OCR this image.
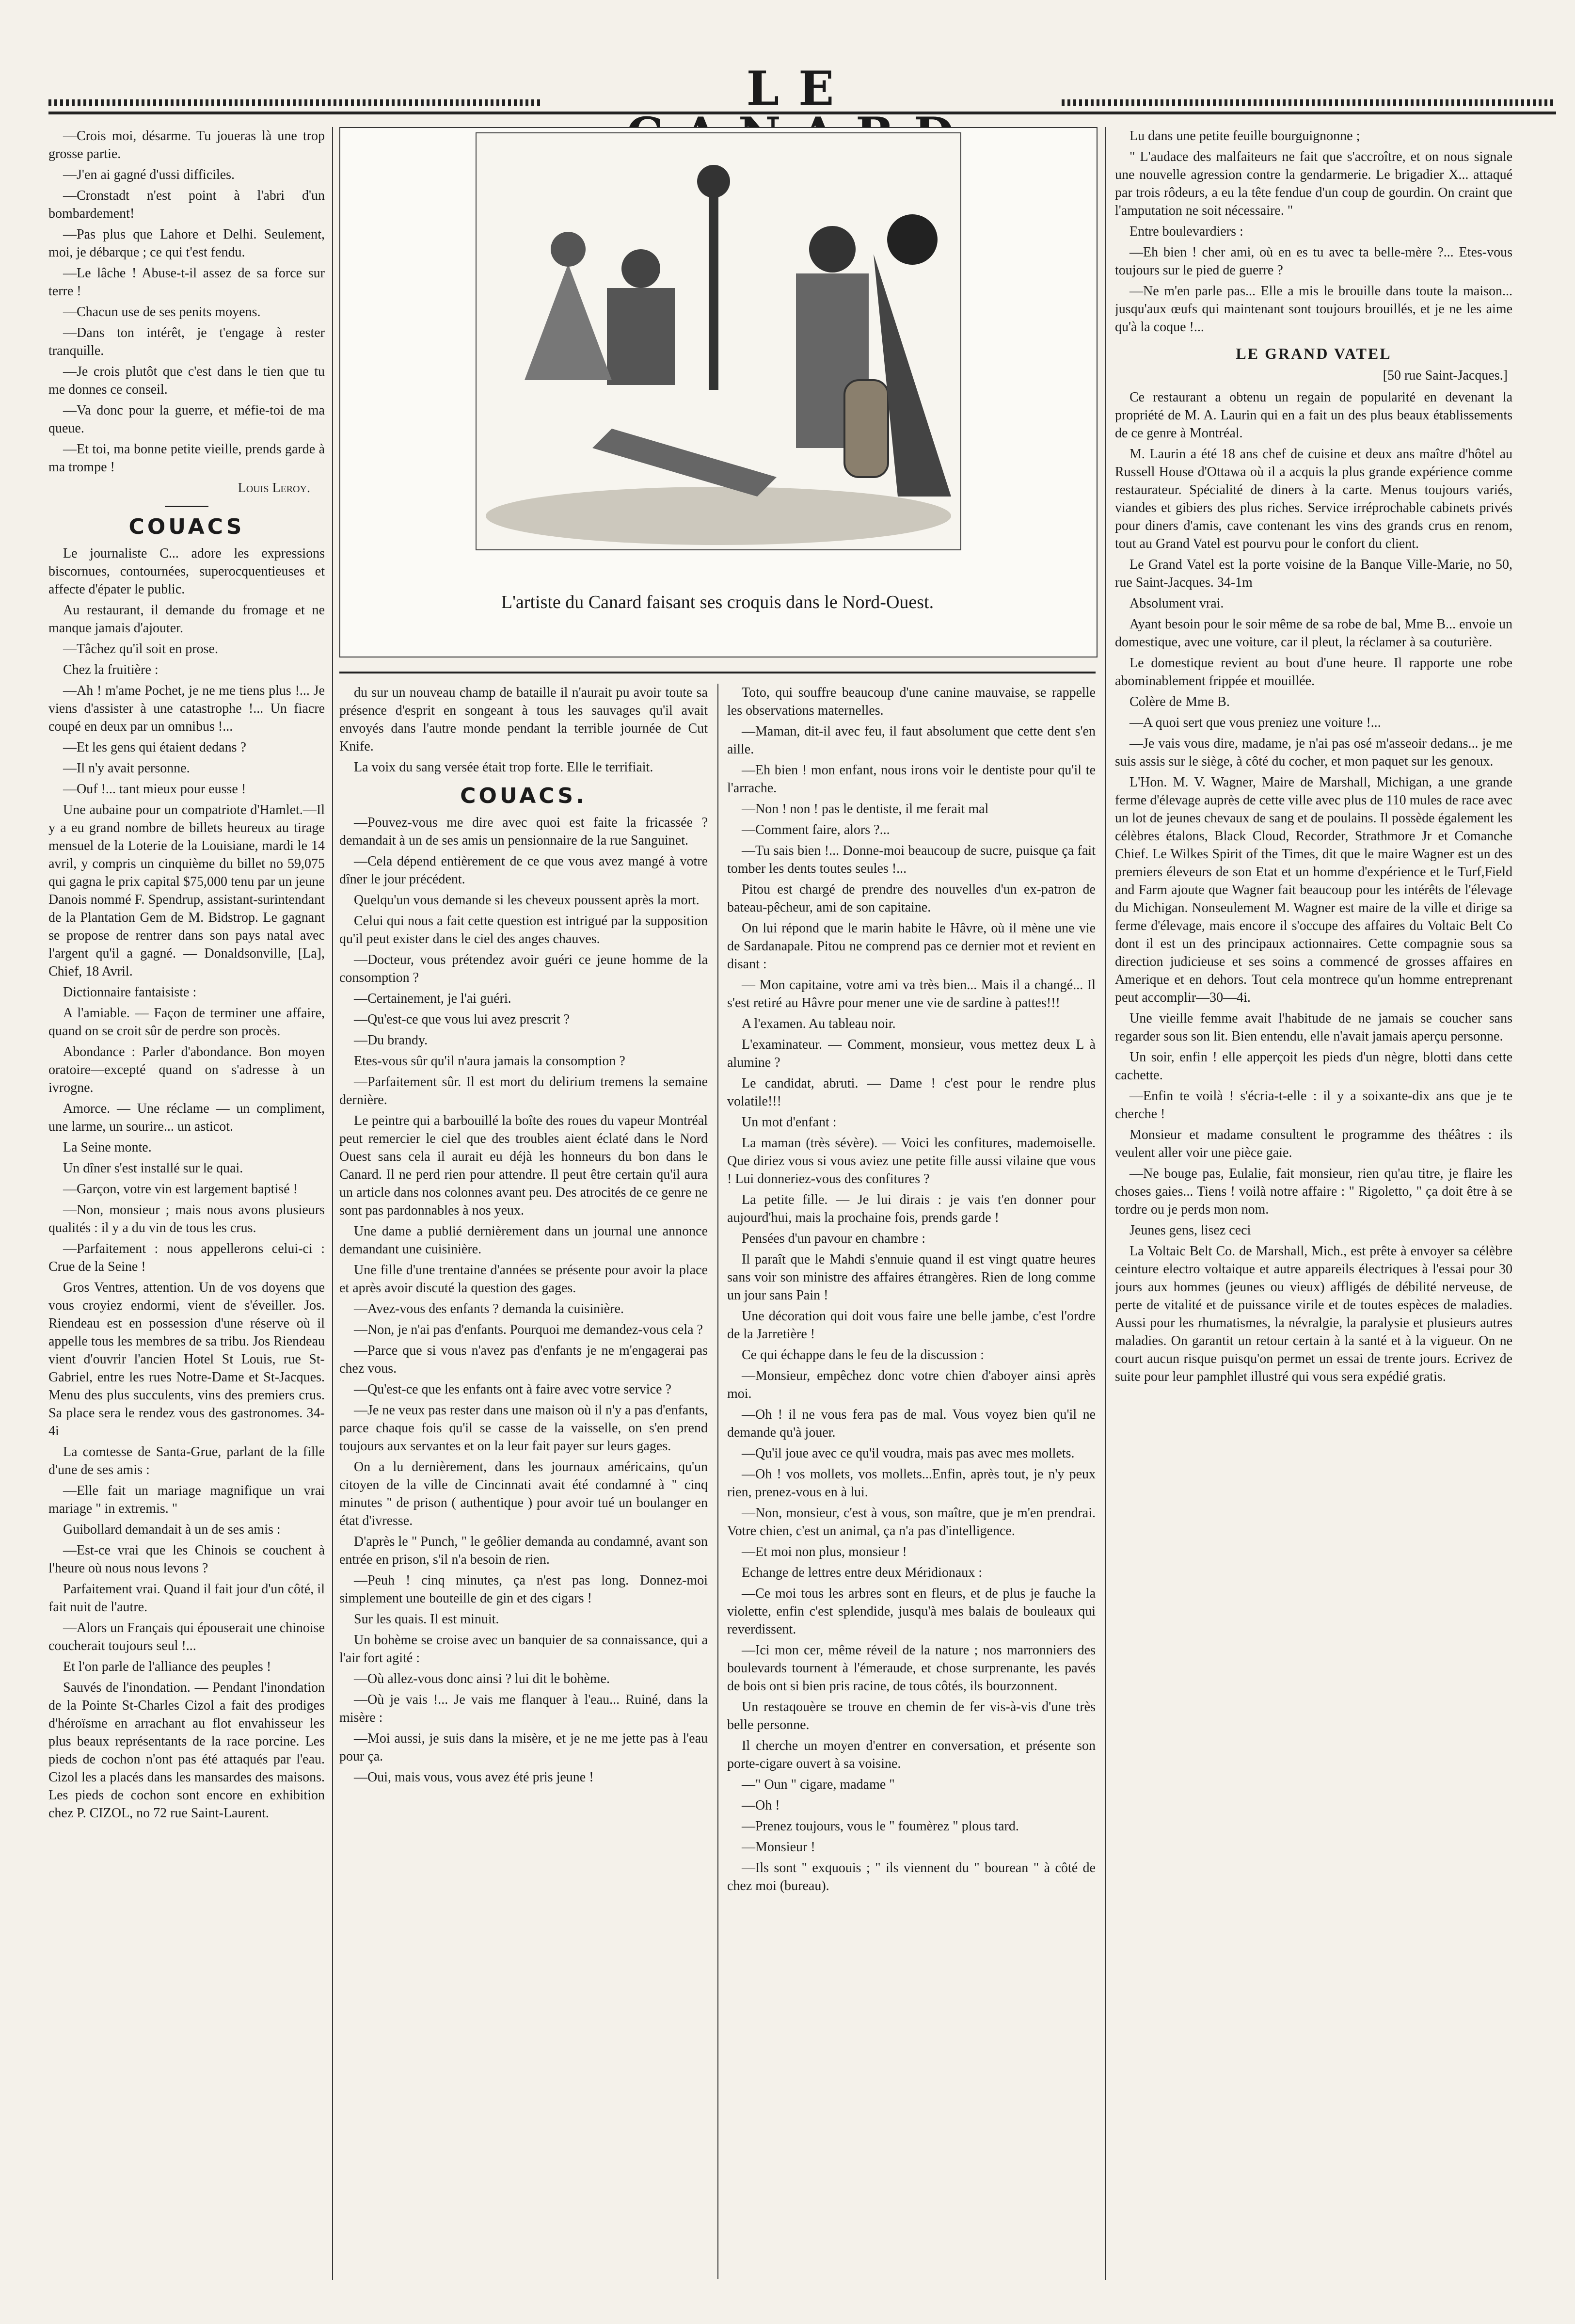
LE

—Crois moi, désarme. Tu joueras là une trop grosse partie.

—J'en ai gagné d'ussi difficiles.

—Cronstadt n'est point à l'abri d'un bombardement!

—Pas plus que Lahore et Delhi. Seulement, moi, je débarque ; ce qui t'est fendu.

—Le lâche ! Abuse-t-il assez de sa force sur terre !

—Chacun use de ses penits moyens.

—Dans ton intérêt, je t'engage à rester tranquille.

—Je crois plutôt que c'est dans le tien que tu me donnes ce conseil.

—Va donc pour la guerre, et méfie-toi de ma queue.

—Et toi, ma bonne petite vieille, prends garde à ma trompe !

Louis Leroy.
COUACS

Le journaliste C... adore les expressions biscornues, contournées, superocquentieuses et affecte d'épater le public.

Au restaurant, il demande du fromage et ne manque jamais d'ajouter.

—Tâchez qu'il soit en prose.

Chez la fruitière :

—Ah ! m'ame Pochet, je ne me tiens plus !... Je viens d'assister à une catastrophe !... Un fiacre coupé en deux par un omnibus !...

—Et les gens qui étaient dedans ?

—Il n'y avait personne.

—Ouf !... tant mieux pour eusse !

Une aubaine pour un compatriote d'Hamlet.—Il y a eu grand nombre de billets heureux au tirage mensuel de la Loterie de la Louisiane, mardi le 14 avril, y compris un cinquième du billet no 59,075 qui gagna le prix capital $75,000 tenu par un jeune Danois nommé F. Spendrup, assistant-surintendant de la Plantation Gem de M. Bidstrop. Le gagnant se propose de rentrer dans son pays natal avec l'argent qu'il a gagné. — Donaldsonville, [La], Chief, 18 Avril.

Dictionnaire fantaisiste :

A l'amiable. — Façon de terminer une affaire, quand on se croit sûr de perdre son procès.

Abondance : Parler d'abondance. Bon moyen oratoire—excepté quand on s'adresse à un ivrogne.

Amorce. — Une réclame — un compliment, une larme, un sourire... un asticot.

La Seine monte.

Un dîner s'est installé sur le quai.

—Garçon, votre vin est largement baptisé !

—Non, monsieur ; mais nous avons plusieurs qualités : il y a du vin de tous les crus.

—Parfaitement : nous appellerons celui-ci : Crue de la Seine !

Gros Ventres, attention. Un de vos doyens que vous croyiez endormi, vient de s'éveiller. Jos. Riendeau est en possession d'une réserve où il appelle tous les membres de sa tribu. Jos Riendeau vient d'ouvrir l'ancien Hotel St Louis, rue St-Gabriel, entre les rues Notre-Dame et St-Jacques. Menu des plus succulents, vins des premiers crus. Sa place sera le rendez vous des gastronomes. 34-4i

La comtesse de Santa-Grue, parlant de la fille d'une de ses amis :

—Elle fait un mariage magnifique un vrai mariage " in extremis. "

Guibollard demandait à un de ses amis :

—Est-ce vrai que les Chinois se couchent à l'heure où nous nous levons ?

Parfaitement vrai. Quand il fait jour d'un côté, il fait nuit de l'autre.

—Alors un Français qui épouserait une chinoise coucherait toujours seul !...

Et l'on parle de l'alliance des peuples !

Sauvés de l'inondation. — Pendant l'inondation de la Pointe St-Charles Cizol a fait des prodiges d'héroïsme en arrachant au flot envahisseur les plus beaux représentants de la race porcine. Les pieds de cochon n'ont pas été attaqués par l'eau. Cizol les a placés dans les mansardes des maisons. Les pieds de cochon sont encore en exhibition chez P. CIZOL, no 72 rue Saint-Laurent.

L'artiste du Canard faisant ses croquis dans le Nord-Ouest.

du sur un nouveau champ de bataille il n'aurait pu avoir toute sa présence d'esprit en songeant à tous les sauvages qu'il avait envoyés dans l'autre monde pendant la terrible journée de Cut Knife.

La voix du sang versée était trop forte. Elle le terrifiait.

COUACS.

—Pouvez-vous me dire avec quoi est faite la fricassée ? demandait à un de ses amis un pensionnaire de la rue Sanguinet.

—Cela dépend entièrement de ce que vous avez mangé à votre dîner le jour précédent.

Quelqu'un vous demande si les cheveux poussent après la mort.

Celui qui nous a fait cette question est intrigué par la supposition qu'il peut exister dans le ciel des anges chauves.

—Docteur, vous prétendez avoir guéri ce jeune homme de la consomption ?

—Certainement, je l'ai guéri.

—Qu'est-ce que vous lui avez prescrit ?

—Du brandy.

Etes-vous sûr qu'il n'aura jamais la consomption ?

—Parfaitement sûr. Il est mort du delirium tremens la semaine dernière.

Le peintre qui a barbouillé la boîte des roues du vapeur Montréal peut remercier le ciel que des troubles aient éclaté dans le Nord Ouest sans cela il aurait eu déjà les honneurs du bon dans le Canard. Il ne perd rien pour attendre. Il peut être certain qu'il aura un article dans nos colonnes avant peu. Des atrocités de ce genre ne sont pas pardonnables à nos yeux.

Une dame a publié dernièrement dans un journal une annonce demandant une cuisinière.

Une fille d'une trentaine d'années se présente pour avoir la place et après avoir discuté la question des gages.

—Avez-vous des enfants ? demanda la cuisinière.

—Non, je n'ai pas d'enfants. Pourquoi me demandez-vous cela ?

—Parce que si vous n'avez pas d'enfants je ne m'engagerai pas chez vous.

—Qu'est-ce que les enfants ont à faire avec votre service ?

—Je ne veux pas rester dans une maison où il n'y a pas d'enfants, parce chaque fois qu'il se casse de la vaisselle, on s'en prend toujours aux servantes et on la leur fait payer sur leurs gages.

On a lu dernièrement, dans les journaux américains, qu'un citoyen de la ville de Cincinnati avait été condamné à " cinq minutes " de prison ( authentique ) pour avoir tué un boulanger en état d'ivresse.

D'après le " Punch, " le geôlier demanda au condamné, avant son entrée en prison, s'il n'a besoin de rien.

—Peuh ! cinq minutes, ça n'est pas long. Donnez-moi simplement une bouteille de gin et des cigars !

Sur les quais. Il est minuit.

Un bohème se croise avec un banquier de sa connaissance, qui a l'air fort agité :

—Où allez-vous donc ainsi ? lui dit le bohème.

—Où je vais !... Je vais me flanquer à l'eau... Ruiné, dans la misère :

—Moi aussi, je suis dans la misère, et je ne me jette pas à l'eau pour ça.

—Oui, mais vous, vous avez été pris jeune !

Toto, qui souffre beaucoup d'une canine mauvaise, se rappelle les observations maternelles.

—Maman, dit-il avec feu, il faut absolument que cette dent s'en aille.

—Eh bien ! mon enfant, nous irons voir le dentiste pour qu'il te l'arrache.

—Non ! non ! pas le dentiste, il me ferait mal

—Comment faire, alors ?...

—Tu sais bien !... Donne-moi beaucoup de sucre, puisque ça fait tomber les dents toutes seules !...

Pitou est chargé de prendre des nouvelles d'un ex-patron de bateau-pêcheur, ami de son capitaine.

On lui répond que le marin habite le Hâvre, où il mène une vie de Sardanapale. Pitou ne comprend pas ce dernier mot et revient en disant :

— Mon capitaine, votre ami va très bien... Mais il a changé... Il s'est retiré au Hâvre pour mener une vie de sardine à pattes!!!

A l'examen. Au tableau noir.

L'examinateur. — Comment, monsieur, vous mettez deux L à alumine ?

Le candidat, abruti. — Dame ! c'est pour le rendre plus volatile!!!

Un mot d'enfant :

La maman (très sévère). — Voici les confitures, mademoiselle. Que diriez vous si vous aviez une petite fille aussi vilaine que vous ! Lui donneriez-vous des confitures ?

La petite fille. — Je lui dirais : je vais t'en donner pour aujourd'hui, mais la prochaine fois, prends garde !

Pensées d'un pavour en chambre :

Il paraît que le Mahdi s'ennuie quand il est vingt quatre heures sans voir son ministre des affaires étrangères. Rien de long comme un jour sans Pain !

Une décoration qui doit vous faire une belle jambe, c'est l'ordre de la Jarretière !

Ce qui échappe dans le feu de la discussion :

—Monsieur, empêchez donc votre chien d'aboyer ainsi après moi.

—Oh ! il ne vous fera pas de mal. Vous voyez bien qu'il ne demande qu'à jouer.

—Qu'il joue avec ce qu'il voudra, mais pas avec mes mollets.

—Oh ! vos mollets, vos mollets...Enfin, après tout, je n'y peux rien, prenez-vous en à lui.

—Non, monsieur, c'est à vous, son maître, que je m'en prendrai. Votre chien, c'est un animal, ça n'a pas d'intelligence.

—Et moi non plus, monsieur !

Echange de lettres entre deux Méridionaux :

—Ce moi tous les arbres sont en fleurs, et de plus je fauche la violette, enfin c'est splendide, jusqu'à mes balais de bouleaux qui reverdissent.

—Ici mon cer, même réveil de la nature ; nos marronniers des boulevards tournent à l'émeraude, et chose surprenante, les pavés de bois ont si bien pris racine, de tous côtés, ils bourzonnent.

Un restaqouère se trouve en chemin de fer vis-à-vis d'une très belle personne.

Il cherche un moyen d'entrer en conversation, et présente son porte-cigare ouvert à sa voisine.

—" Oun " cigare, madame "

—Oh !

—Prenez toujours, vous le " foumèrez " plous tard.

—Monsieur !

—Ils sont " exquouis ; " ils viennent du " bourean " à côté de chez moi (bureau).

Lu dans une petite feuille bourguignonne ;

" L'audace des malfaiteurs ne fait que s'accroître, et on nous signale une nouvelle agression contre la gendarmerie. Le brigadier X... attaqué par trois rôdeurs, a eu la tête fendue d'un coup de gourdin. On craint que l'amputation ne soit nécessaire. "

Entre boulevardiers :

—Eh bien ! cher ami, où en es tu avec ta belle-mère ?... Etes-vous toujours sur le pied de guerre ?

—Ne m'en parle pas... Elle a mis le brouille dans toute la maison... jusqu'aux œufs qui maintenant sont toujours brouillés, et je ne les aime qu'à la coque !...

LE GRAND VATEL
[50 rue Saint-Jacques.]

Ce restaurant a obtenu un regain de popularité en devenant la propriété de M. A. Laurin qui en a fait un des plus beaux établissements de ce genre à Montréal.

M. Laurin a été 18 ans chef de cuisine et deux ans maître d'hôtel au Russell House d'Ottawa où il a acquis la plus grande expérience comme restaurateur. Spécialité de diners à la carte. Menus toujours variés, viandes et gibiers des plus riches. Service irréprochable cabinets privés pour diners d'amis, cave contenant les vins des grands crus en renom, tout au Grand Vatel est pourvu pour le confort du client.

Le Grand Vatel est la porte voisine de la Banque Ville-Marie, no 50, rue Saint-Jacques. 34-1m

Absolument vrai.

Ayant besoin pour le soir même de sa robe de bal, Mme B... envoie un domestique, avec une voiture, car il pleut, la réclamer à sa couturière.

Le domestique revient au bout d'une heure. Il rapporte une robe abominablement frippée et mouillée.

Colère de Mme B.

—A quoi sert que vous preniez une voiture !...

—Je vais vous dire, madame, je n'ai pas osé m'asseoir dedans... je me suis assis sur le siège, à côté du cocher, et mon paquet sur les genoux.

L'Hon. M. V. Wagner, Maire de Marshall, Michigan, a une grande ferme d'élevage auprès de cette ville avec plus de 110 mules de race avec un lot de jeunes chevaux de sang et de poulains. Il possède également les célèbres étalons, Black Cloud, Recorder, Strathmore Jr et Comanche Chief. Le Wilkes Spirit of the Times, dit que le maire Wagner est un des premiers éleveurs de son Etat et un homme d'expérience et le Turf,Field and Farm ajoute que Wagner fait beaucoup pour les intérêts de l'élevage du Michigan. Nonseulement M. Wagner est maire de la ville et dirige sa ferme d'élevage, mais encore il s'occupe des affaires du Voltaic Belt Co dont il est un des principaux actionnaires. Cette compagnie sous sa direction judicieuse et ses soins a commencé de grosses affaires en Amerique et en dehors. Tout cela montrece qu'un homme entreprenant peut accomplir—30—4i.

Une vieille femme avait l'habitude de ne jamais se coucher sans regarder sous son lit. Bien entendu, elle n'avait jamais aperçu personne.

Un soir, enfin ! elle apperçoit les pieds d'un nègre, blotti dans cette cachette.

—Enfin te voilà ! s'écria-t-elle : il y a soixante-dix ans que je te cherche !

Monsieur et madame consultent le programme des théâtres : ils veulent aller voir une pièce gaie.

—Ne bouge pas, Eulalie, fait monsieur, rien qu'au titre, je flaire les choses gaies... Tiens ! voilà notre affaire : " Rigoletto, " ça doit être à se tordre ou je perds mon nom.

Jeunes gens, lisez ceci

La Voltaic Belt Co. de Marshall, Mich., est prête à envoyer sa célèbre ceinture electro voltaique et autre appareils électriques à l'essai pour 30 jours aux hommes (jeunes ou vieux) affligés de débilité nerveuse, de perte de vitalité et de puissance virile et de toutes espèces de maladies. Aussi pour les rhumatismes, la névralgie, la paralysie et plusieurs autres maladies. On garantit un retour certain à la santé et à la vigueur. On ne court aucun risque puisqu'on permet un essai de trente jours. Ecrivez de suite pour leur pamphlet illustré qui vous sera expédié gratis.
